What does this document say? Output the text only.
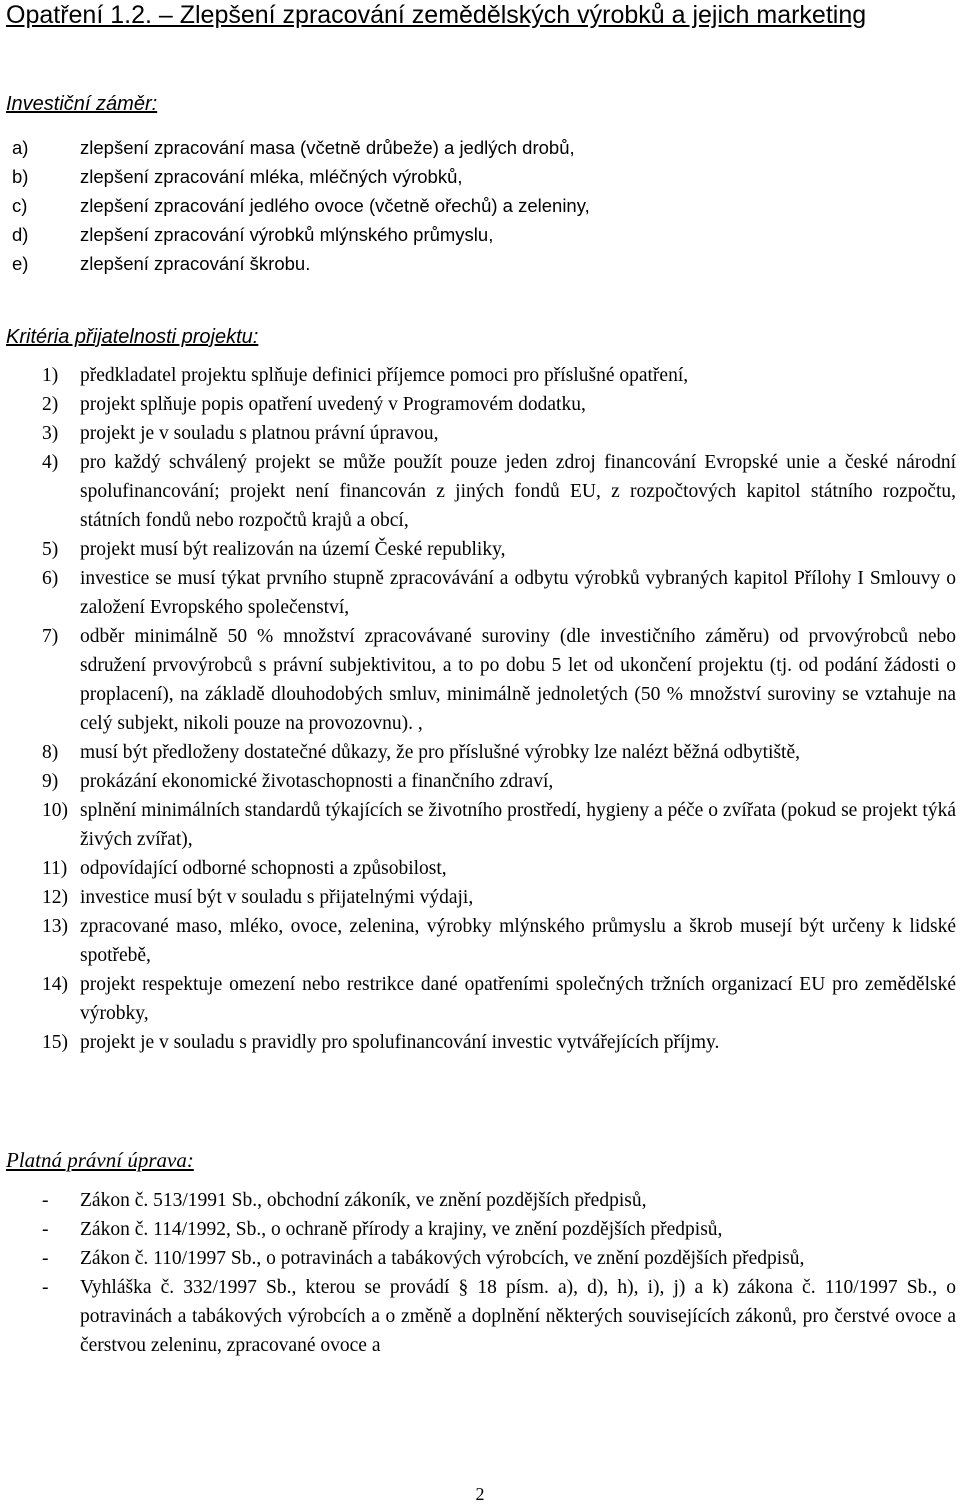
Opatření 1.2. – Zlepšení zpracování zemědělských výrobků a jejich marketing
Investiční záměr:
a)	zlepšení zpracování masa (včetně drůbeže) a jedlých drobů,
b)	zlepšení zpracování mléka, mléčných výrobků,
c)	zlepšení zpracování jedlého ovoce (včetně ořechů) a zeleniny,
d)	zlepšení zpracování výrobků mlýnského průmyslu,
e)	zlepšení zpracování škrobu.
Kritéria přijatelnosti projektu:
1)	předkladatel projektu splňuje definici příjemce pomoci pro příslušné opatření,
2)	projekt splňuje popis opatření uvedený v Programovém dodatku,
3)	projekt je v souladu s platnou právní úpravou,
4)	pro každý schválený projekt se může použít pouze jeden zdroj financování Evropské unie a české národní spolufinancování; projekt není financován z jiných fondů EU, z rozpočtových kapitol státního rozpočtu, státních fondů nebo rozpočtů krajů a obcí,
5)	projekt musí být realizován na území České republiky,
6)	investice se musí týkat prvního stupně zpracovávání a odbytu výrobků vybraných kapitol Přílohy I Smlouvy o založení Evropského společenství,
7)	odběr minimálně 50 % množství zpracovávané suroviny (dle investičního záměru) od prvovýrobců nebo sdružení prvovýrobců s právní subjektivitou, a to po dobu 5 let od ukončení projektu (tj. od podání žádosti o proplacení), na základě dlouhodobých smluv, minimálně jednoletých (50 % množství suroviny se vztahuje na celý subjekt, nikoli pouze na provozovnu). ,
8)	musí být předloženy dostatečné důkazy, že pro příslušné výrobky lze nalézt běžná odbytiště,
9)	prokázání ekonomické životaschopnosti a finančního zdraví,
10) splnění minimálních standardů týkajících se životního prostředí, hygieny a péče o zvířata (pokud se projekt týká živých zvířat),
11) odpovídající odborné schopnosti a způsobilost,
12) investice musí být v souladu s přijatelnými výdaji,
13) zpracované maso, mléko, ovoce, zelenina, výrobky mlýnského průmyslu a škrob musejí být určeny k lidské spotřebě,
14) projekt respektuje omezení nebo restrikce dané opatřeními společných tržních organizací EU pro zemědělské výrobky,
15) projekt je v souladu s pravidly pro spolufinancování investic vytvářejících příjmy.
Platná právní úprava:
-	Zákon č. 513/1991 Sb., obchodní zákoník, ve znění pozdějších předpisů,
-	Zákon č. 114/1992, Sb., o ochraně přírody a krajiny, ve znění pozdějších předpisů,
-	Zákon č. 110/1997 Sb., o potravinách a tabákových výrobcích, ve znění pozdějších předpisů,
-	Vyhláška č. 332/1997 Sb., kterou se provádí § 18 písm. a), d), h), i), j) a k) zákona č. 110/1997 Sb., o potravinách a tabákových výrobcích a o změně a doplnění některých souvisejících zákonů, pro čerstvé ovoce a čerstvou zeleninu, zpracované ovoce a
2
